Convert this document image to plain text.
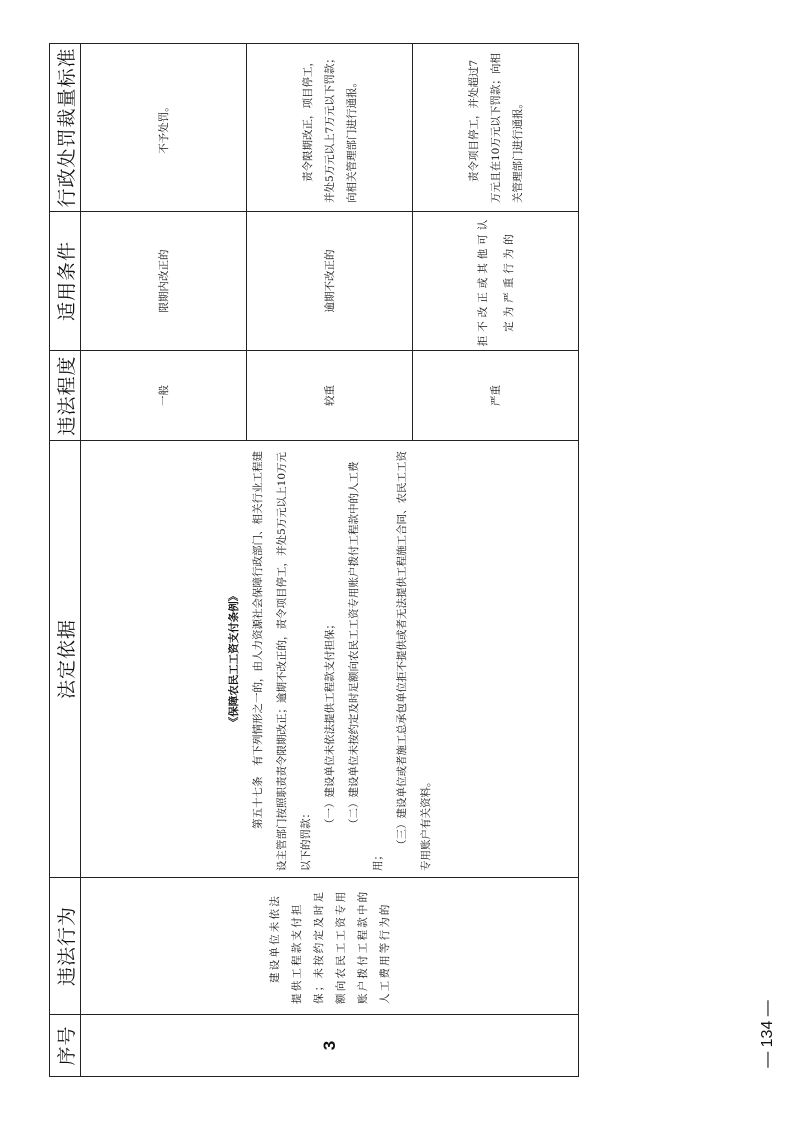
序号	违法行为	法定依据	违法程度	适用条件	行政处罚裁量标准
3	建设单位未依法提供工程款支付担保；未按约定及时足额向农民工工资专用账户拨付工程款中的人工费用等行为的	《保障农民工工资支付条例》 第五十七条　有下列情形之一的，由人力资源社会保障行政部门、相关行业工程建设主管部门按照职责责令限期改正；逾期不改正的，责令项目停工，并处5万元以上10万元以下的罚款：

（一）建设单位未依法提供工程款支付担保； （二）建设单位未按约定及时足额向农民工工资专用账户拨付工程款中的人工费用；

（三）建设单位或者施工总承包单位拒不提供或者无法提供工程施工合同、农民工工资专用账户有关资料。	一般	限期内改正的	不予处罚。
			较重	逾期不改正的	责令限期改正，项目停工，并处5万元以上7万元以下罚款；向相关管理部门进行通报。

			严重	拒不改正或其他可认定为严重行为的	责令项目停工，并处超过7万元且在10万元以下罚款；向相关管理部门进行通报。
— 134 —
